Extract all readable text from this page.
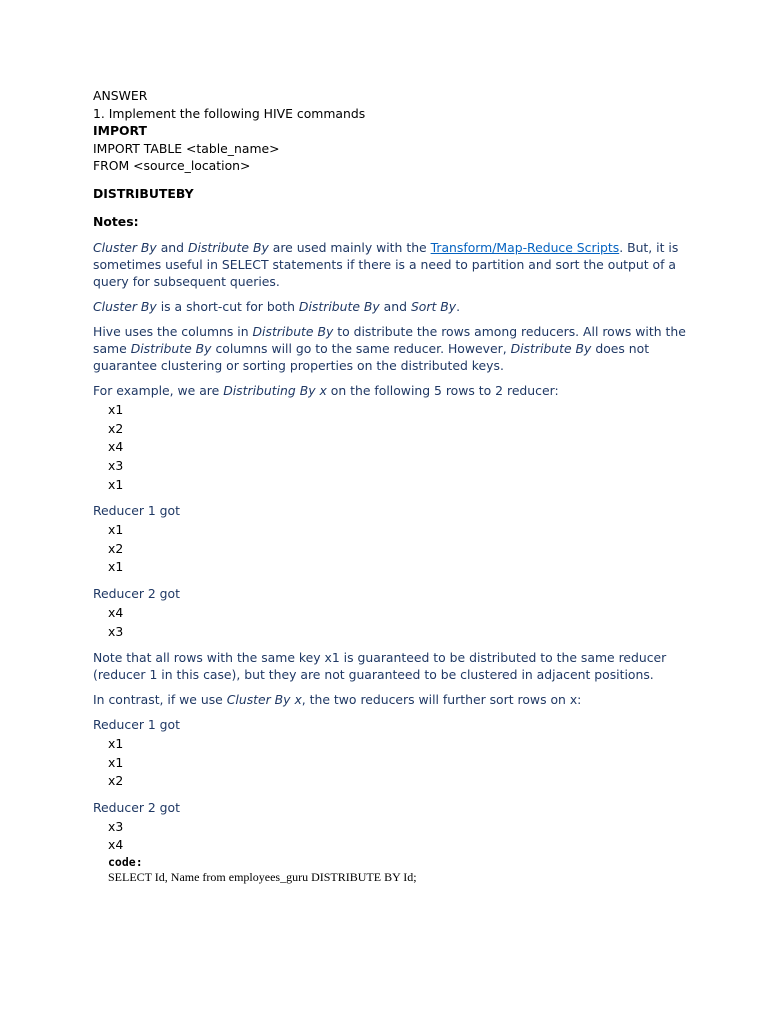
ANSWER

1. Implement the following HIVE commands

IMPORT

IMPORT TABLE <table_name>

FROM <source_location>

DISTRIBUTEBY

Notes:

Cluster By and Distribute By are used mainly with the Transform/Map-Reduce Scripts. But, it is sometimes useful in SELECT statements if there is a need to partition and sort the output of a query for subsequent queries.

Cluster By is a short-cut for both Distribute By and Sort By.

Hive uses the columns in Distribute By to distribute the rows among reducers. All rows with the same Distribute By columns will go to the same reducer. However, Distribute By does not guarantee clustering or sorting properties on the distributed keys.

For example, we are Distributing By x on the following 5 rows to 2 reducer:

x1
x2
x4
x3
x1

Reducer 1 got

x1
x2
x1

Reducer 2 got

x4
x3

Note that all rows with the same key x1 is guaranteed to be distributed to the same reducer (reducer 1 in this case), but they are not guaranteed to be clustered in adjacent positions.

In contrast, if we use Cluster By x, the two reducers will further sort rows on x:

Reducer 1 got

x1
x1
x2

Reducer 2 got

x3
x4

code:

SELECT Id, Name from employees_guru DISTRIBUTE BY Id;
